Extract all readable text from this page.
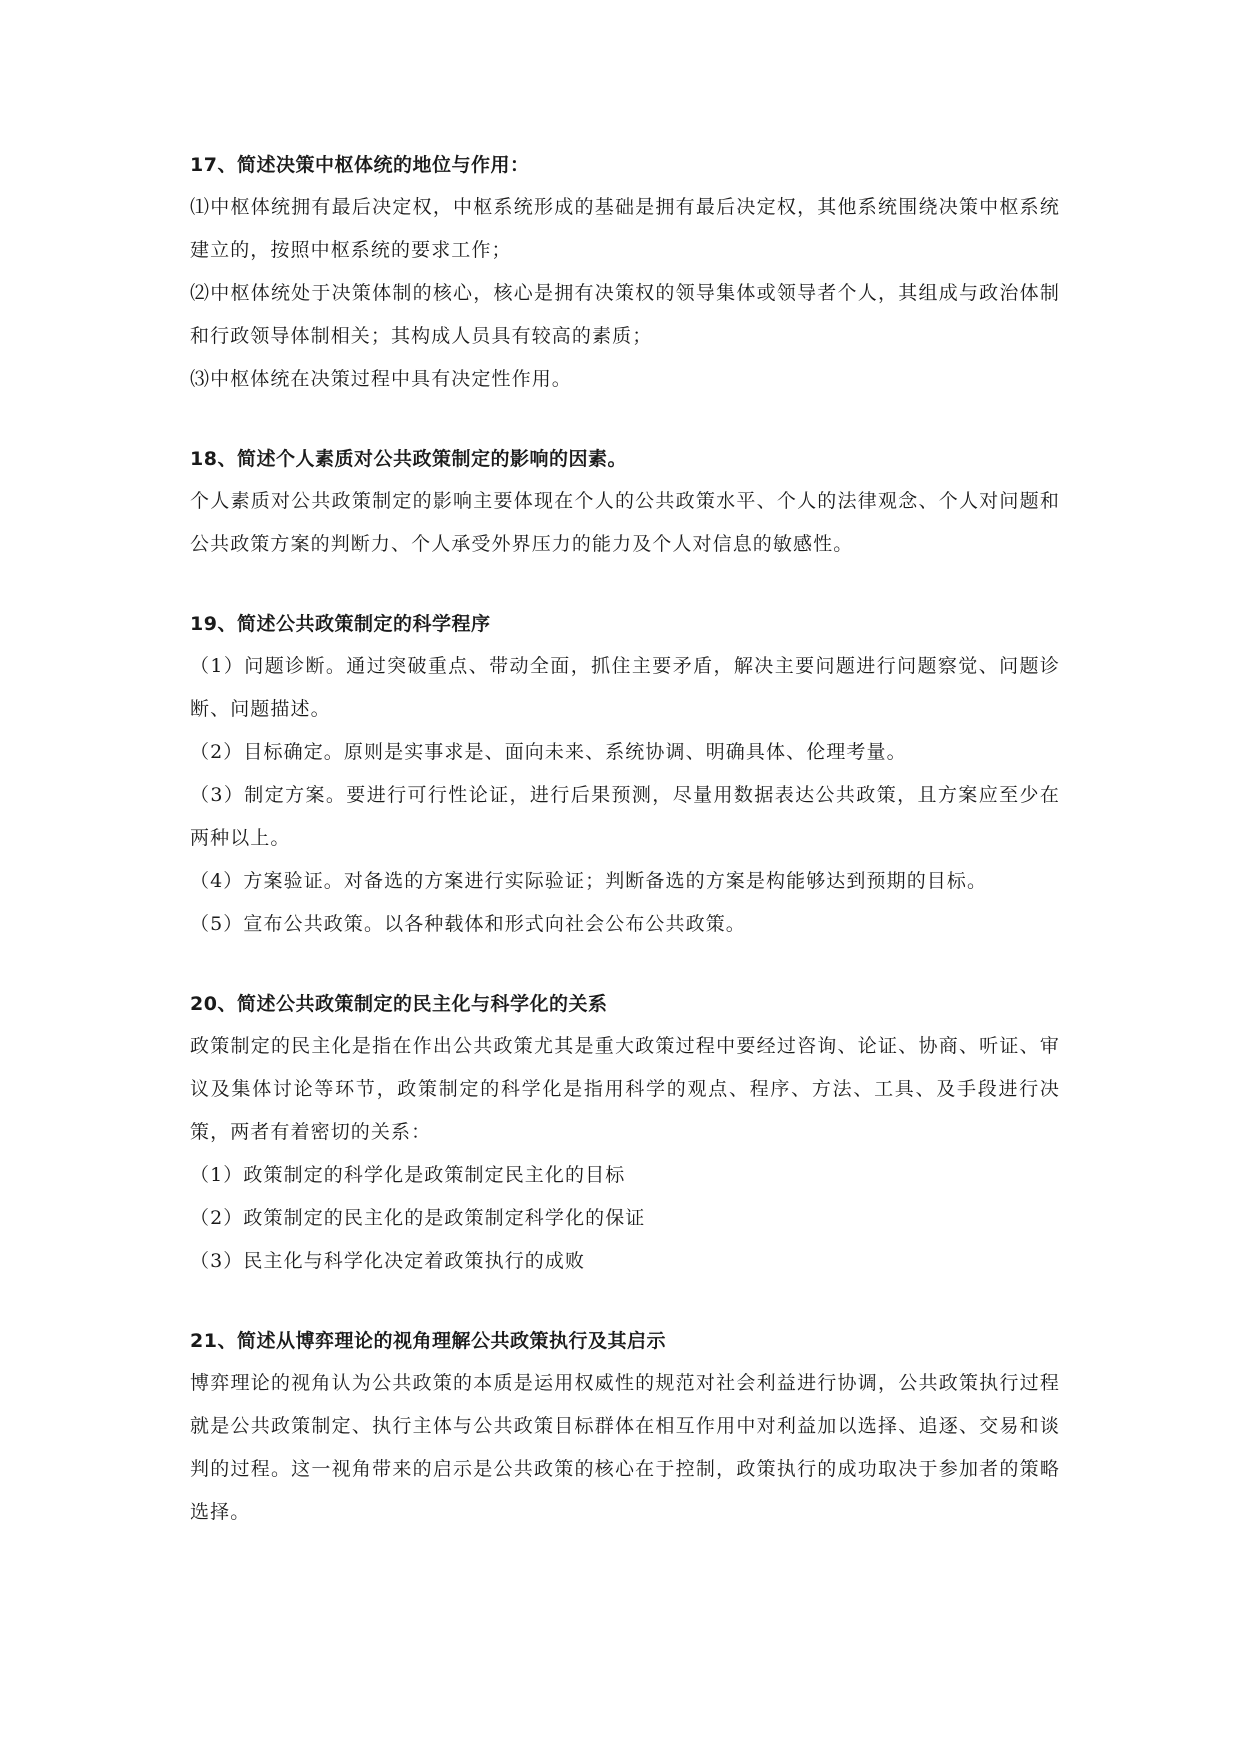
17、简述决策中枢体统的地位与作用：

⑴中枢体统拥有最后决定权，中枢系统形成的基础是拥有最后决定权，其他系统围绕决策中枢系统建立的，按照中枢系统的要求工作；

⑵中枢体统处于决策体制的核心，核心是拥有决策权的领导集体或领导者个人，其组成与政治体制和行政领导体制相关；其构成人员具有较高的素质；

⑶中枢体统在决策过程中具有决定性作用。

18、简述个人素质对公共政策制定的影响的因素。

个人素质对公共政策制定的影响主要体现在个人的公共政策水平、个人的法律观念、个人对问题和公共政策方案的判断力、个人承受外界压力的能力及个人对信息的敏感性。

19、简述公共政策制定的科学程序

（1）问题诊断。通过突破重点、带动全面，抓住主要矛盾，解决主要问题进行问题察觉、问题诊断、问题描述。

（2）目标确定。原则是实事求是、面向未来、系统协调、明确具体、伦理考量。

（3）制定方案。要进行可行性论证，进行后果预测，尽量用数据表达公共政策，且方案应至少在两种以上。

（4）方案验证。对备选的方案进行实际验证；判断备选的方案是构能够达到预期的目标。

（5）宣布公共政策。以各种载体和形式向社会公布公共政策。

20、简述公共政策制定的民主化与科学化的关系

政策制定的民主化是指在作出公共政策尤其是重大政策过程中要经过咨询、论证、协商、听证、审议及集体讨论等环节，政策制定的科学化是指用科学的观点、程序、方法、工具、及手段进行决策，两者有着密切的关系：

（1）政策制定的科学化是政策制定民主化的目标

（2）政策制定的民主化的是政策制定科学化的保证

（3）民主化与科学化决定着政策执行的成败

21、简述从博弈理论的视角理解公共政策执行及其启示

博弈理论的视角认为公共政策的本质是运用权威性的规范对社会利益进行协调，公共政策执行过程就是公共政策制定、执行主体与公共政策目标群体在相互作用中对利益加以选择、追逐、交易和谈判的过程。这一视角带来的启示是公共政策的核心在于控制，政策执行的成功取决于参加者的策略选择。
